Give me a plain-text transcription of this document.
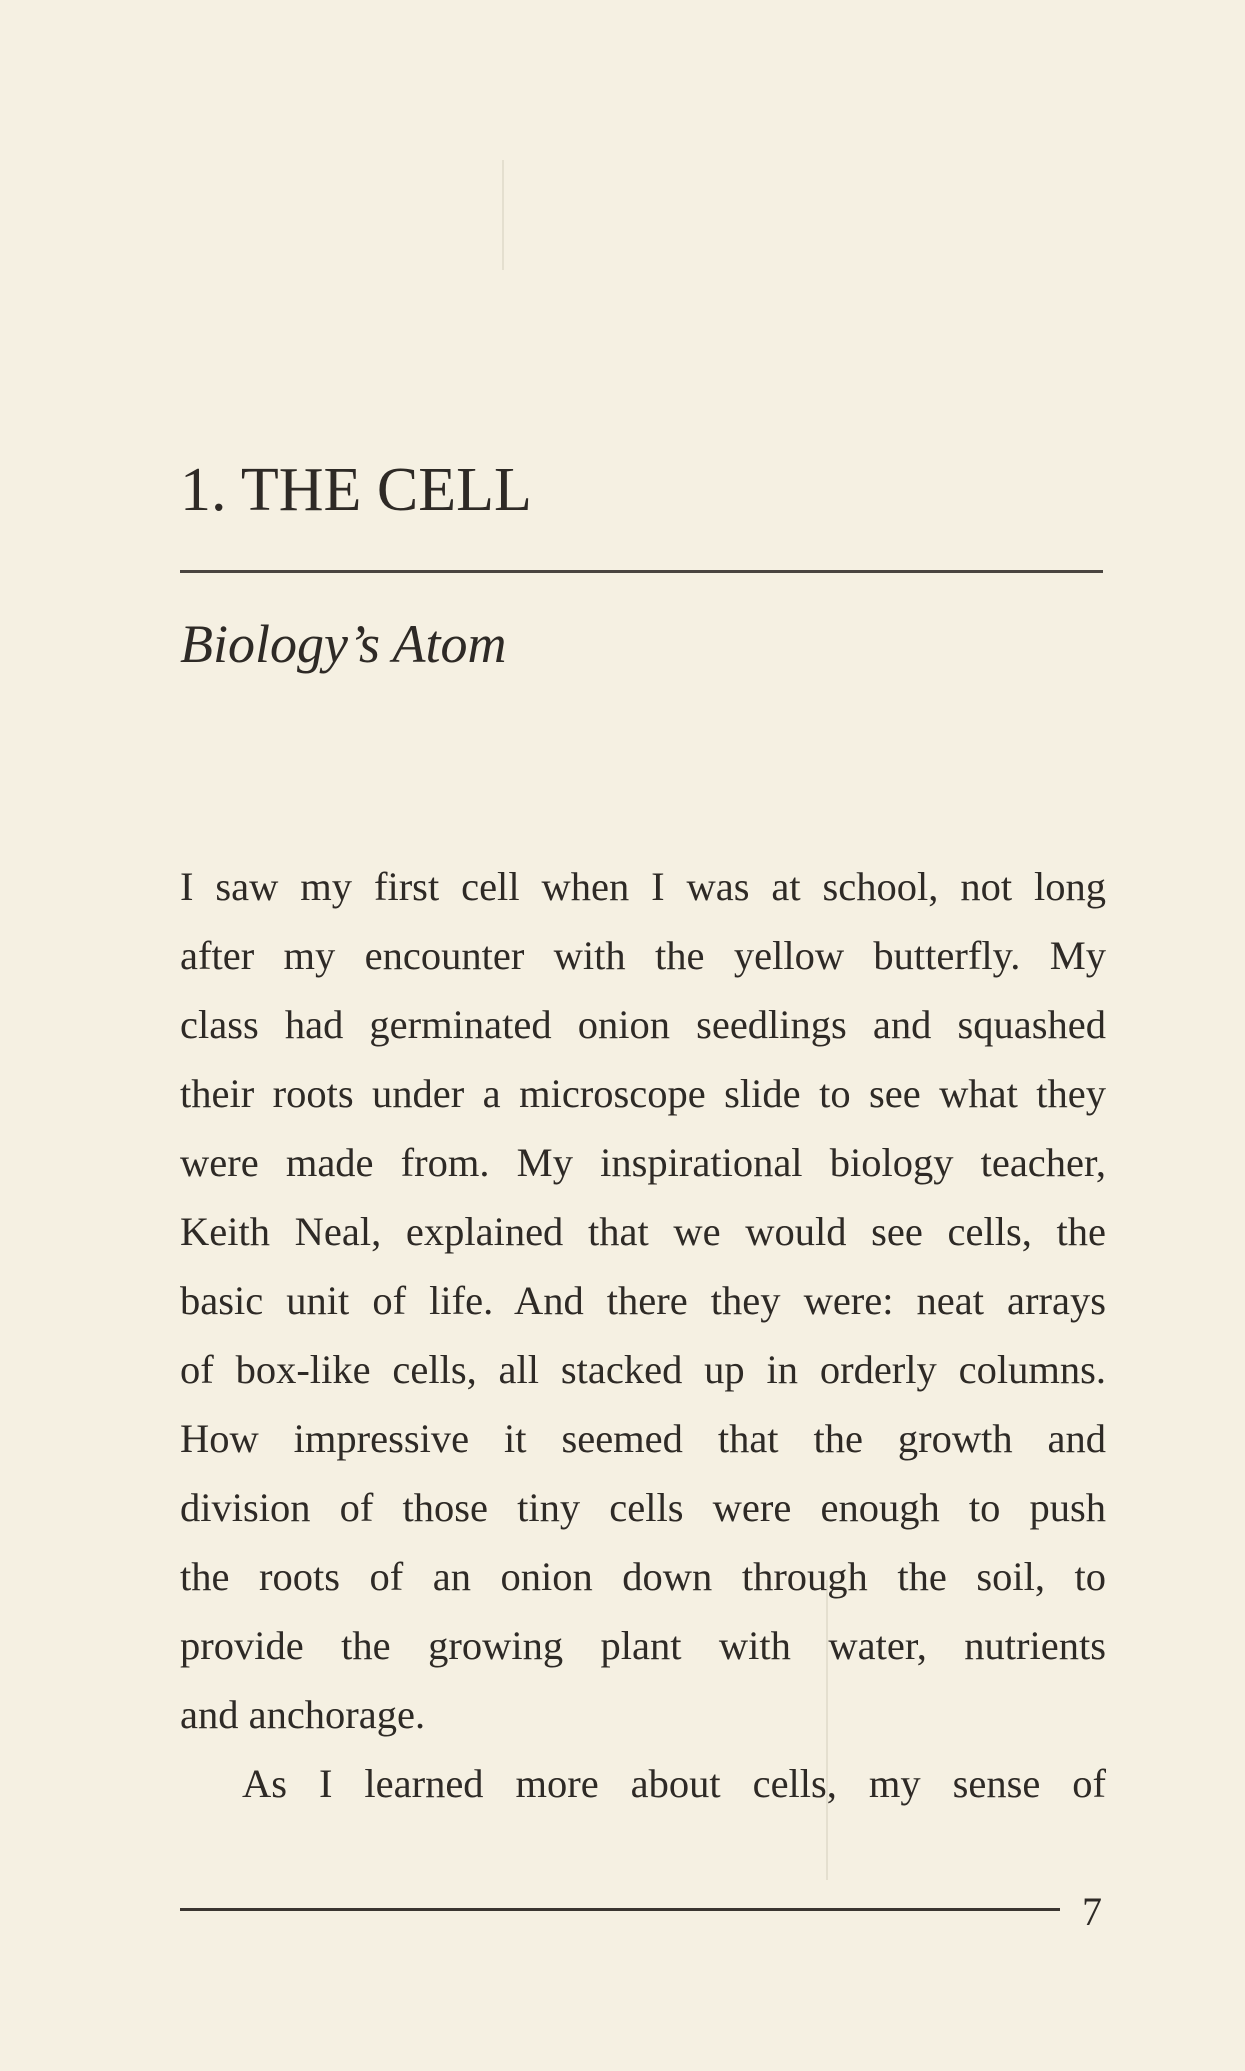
1. THE CELL
Biology’s Atom
I saw my first cell when I was at school, not long
after my encounter with the yellow butterfly. My
class had germinated onion seedlings and squashed
their roots under a microscope slide to see what they
were made from. My inspirational biology teacher,
Keith Neal, explained that we would see cells, the
basic unit of life. And there they were: neat arrays
of box-like cells, all stacked up in orderly columns.
How impressive it seemed that the growth and
division of those tiny cells were enough to push
the roots of an onion down through the soil, to
provide the growing plant with water, nutrients
and anchorage.
As I learned more about cells, my sense of
7
